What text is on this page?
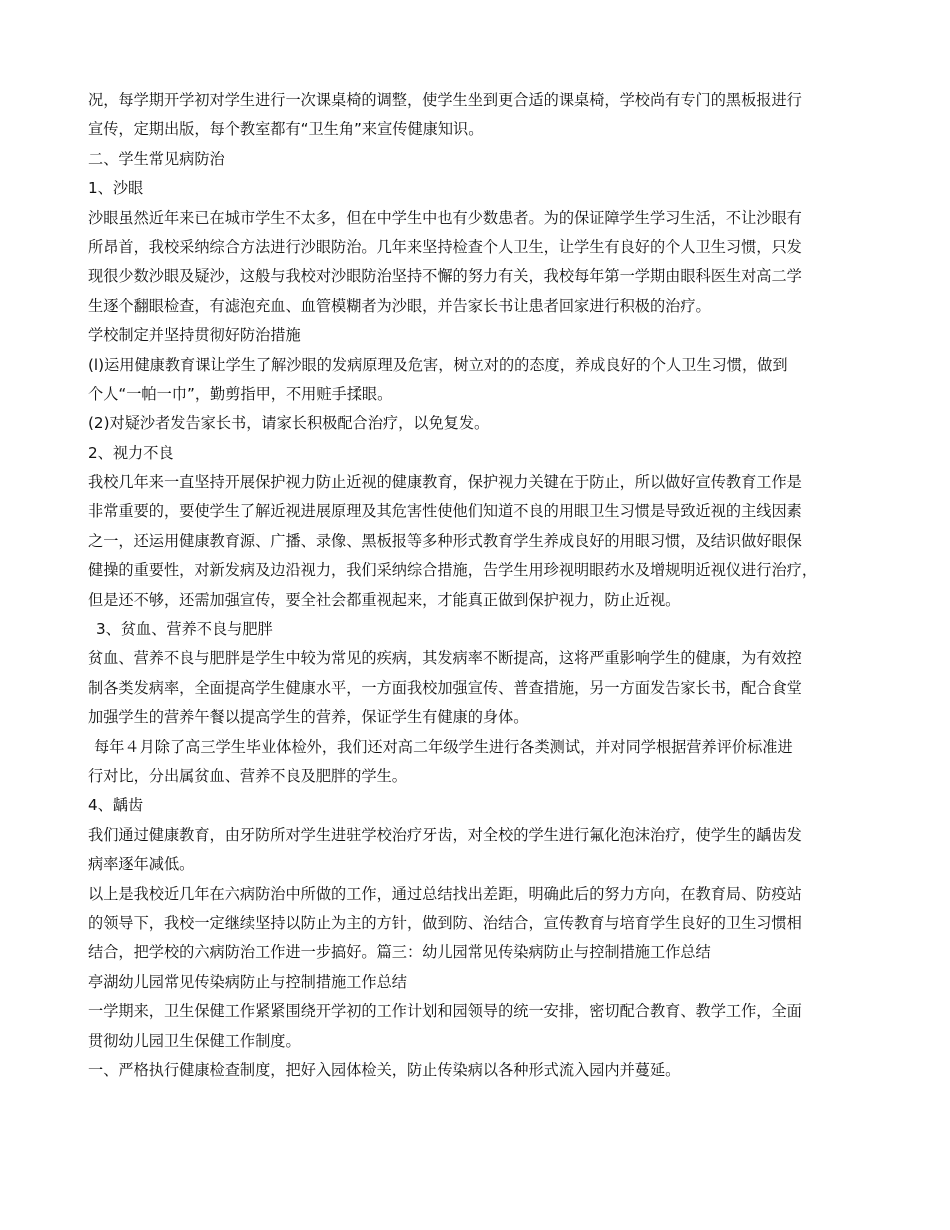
况，每学期开学初对学生进行一次课桌椅的调整，使学生坐到更合适的课桌椅，学校尚有专门的黑板报进行
宣传，定期出版，每个教室都有“卫生角”来宣传健康知识。
二、学生常见病防治
1、沙眼
沙眼虽然近年来已在城市学生不太多，但在中学生中也有少数患者。为的保证障学生学习生活，不让沙眼有
所昂首，我校采纳综合方法进行沙眼防治。几年来坚持检查个人卫生，让学生有良好的个人卫生习惯，只发
现很少数沙眼及疑沙，这般与我校对沙眼防治坚持不懈的努力有关，我校每年第一学期由眼科医生对高二学
生逐个翻眼检查，有滤泡充血、血管模糊者为沙眼，并告家长书让患者回家进行积极的治疗。
学校制定并坚持贯彻好防治措施
(l)运用健康教育课让学生了解沙眼的发病原理及危害，树立对的的态度，养成良好的个人卫生习惯，做到
个人“一帕一巾”，勤剪指甲，不用赃手揉眼。
(2)对疑沙者发告家长书，请家长积极配合治疗，以免复发。
2、视力不良
我校几年来一直坚持开展保护视力防止近视的健康教育，保护视力关键在于防止，所以做好宣传教育工作是
非常重要的，要使学生了解近视进展原理及其危害性使他们知道不良的用眼卫生习惯是导致近视的主线因素
之一，还运用健康教育源、广播、录像、黑板报等多种形式教育学生养成良好的用眼习惯，及结识做好眼保
健操的重要性，对新发病及边沿视力，我们采纳综合措施，告学生用珍视明眼药水及增规明近视仪进行治疗，
但是还不够，还需加强宣传，要全社会都重视起来，才能真正做到保护视力，防止近视。
3、贫血、营养不良与肥胖
贫血、营养不良与肥胖是学生中较为常见的疾病，其发病率不断提高，这将严重影响学生的健康，为有效控
制各类发病率，全面提高学生健康水平，一方面我校加强宣传、普查措施，另一方面发告家长书，配合食堂
加强学生的营养午餐以提高学生的营养，保证学生有健康的身体。
每年４月除了高三学生毕业体检外，我们还对高二年级学生进行各类测试，并对同学根据营养评价标准进
行对比，分出属贫血、营养不良及肥胖的学生。
4、龋齿
我们通过健康教育，由牙防所对学生进驻学校治疗牙齿，对全校的学生进行氟化泡沫治疗，使学生的龋齿发
病率逐年减低。
以上是我校近几年在六病防治中所做的工作，通过总结找出差距，明确此后的努力方向，在教育局、防疫站
的领导下，我校一定继续坚持以防止为主的方针，做到防、治结合，宣传教育与培育学生良好的卫生习惯相
结合，把学校的六病防治工作进一步搞好。篇三：幼儿园常见传染病防止与控制措施工作总结
亭湖幼儿园常见传染病防止与控制措施工作总结
一学期来，卫生保健工作紧紧围绕开学初的工作计划和园领导的统一安排，密切配合教育、教学工作，全面
贯彻幼儿园卫生保健工作制度。
一、严格执行健康检查制度，把好入园体检关，防止传染病以各种形式流入园内并蔓延。
